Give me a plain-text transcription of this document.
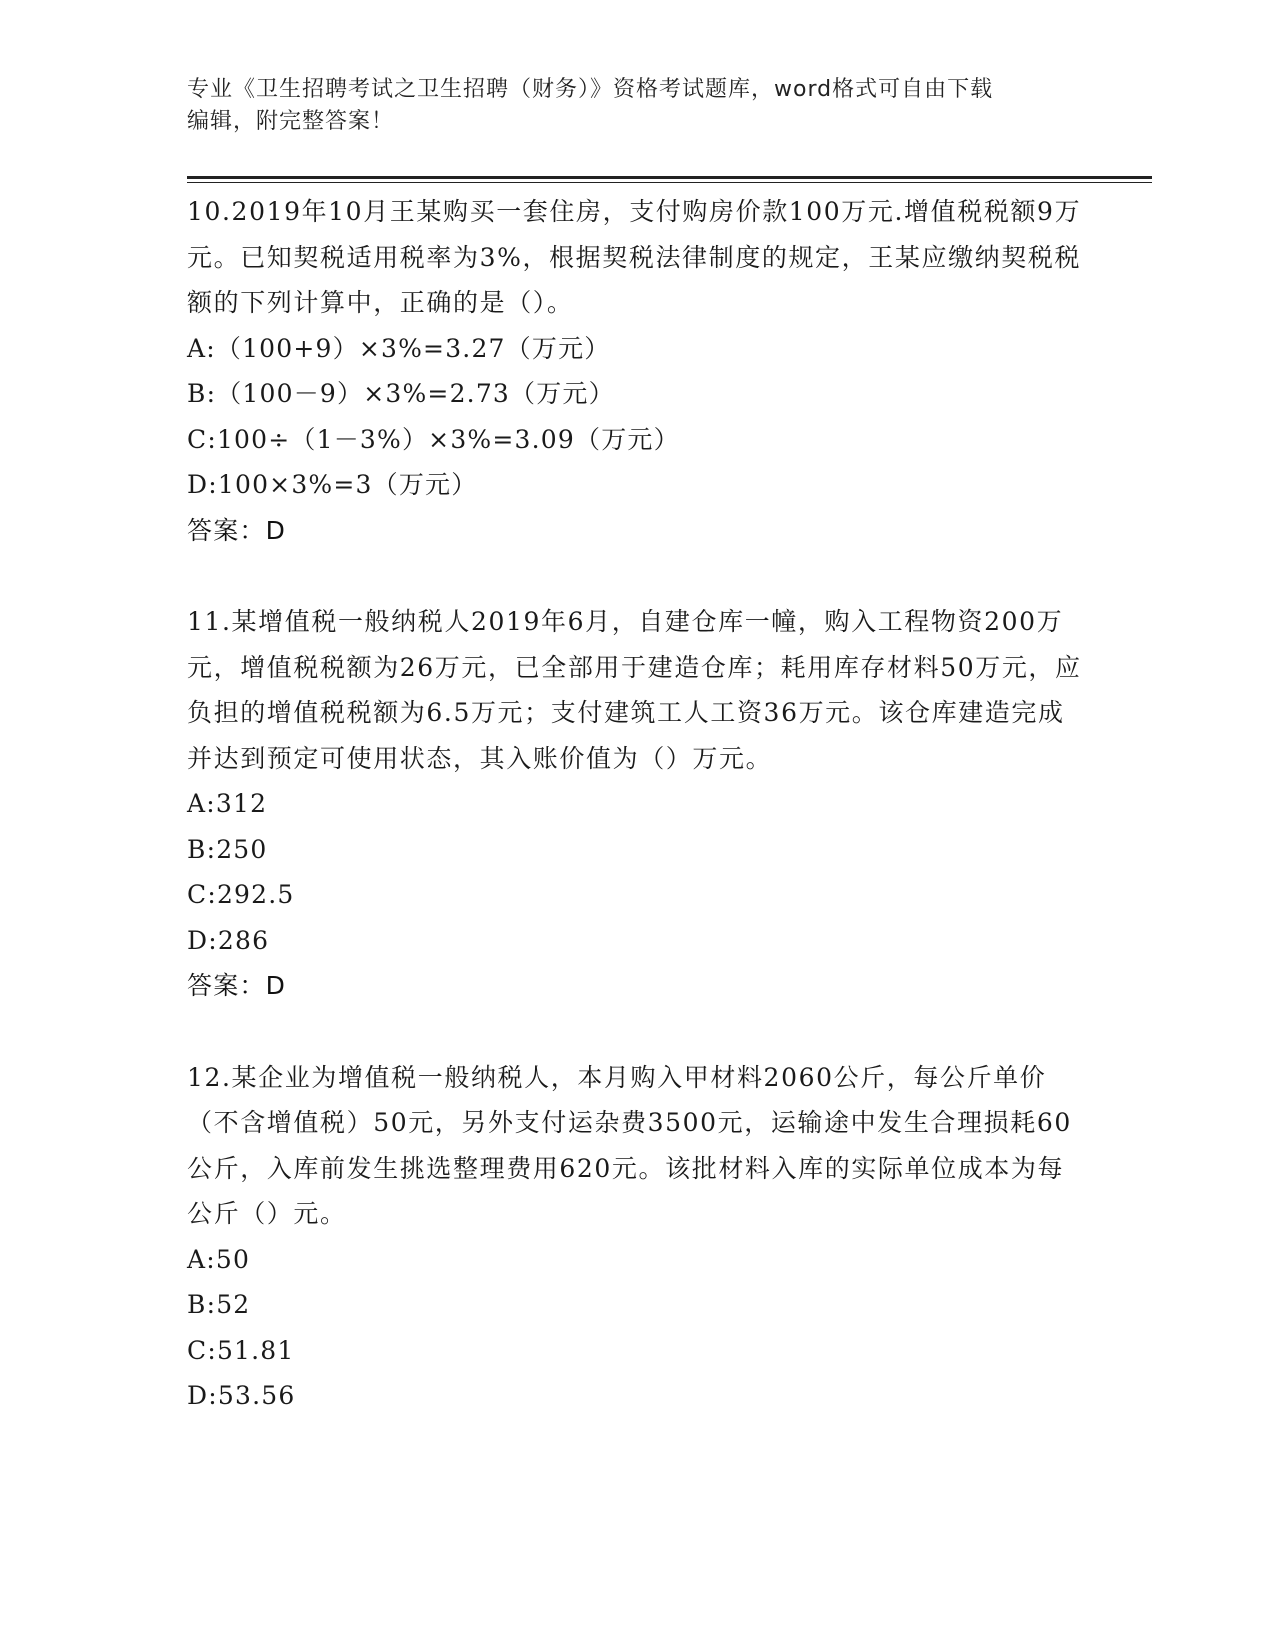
专业《卫生招聘考试之卫生招聘（财务）》资格考试题库，word格式可自由下载
编辑，附完整答案！
10.2019年10月王某购买一套住房，支付购房价款100万元.增值税税额9万元。已知契税适用税率为3%，根据契税法律制度的规定，王某应缴纳契税税额的下列计算中，正确的是（）。
A:（100+9）×3%=3.27（万元）
B:（100－9）×3%=2.73（万元）
C:100÷（1－3%）×3%=3.09（万元）
D:100×3%=3（万元）
答案：D
11.某增值税一般纳税人2019年6月，自建仓库一幢，购入工程物资200万元，增值税税额为26万元，已全部用于建造仓库；耗用库存材料50万元，应负担的增值税税额为6.5万元；支付建筑工人工资36万元。该仓库建造完成并达到预定可使用状态，其入账价值为（）万元。
A:312
B:250
C:292.5
D:286
答案：D
12.某企业为增值税一般纳税人，本月购入甲材料2060公斤，每公斤单价（不含增值税）50元，另外支付运杂费3500元，运输途中发生合理损耗60公斤，入库前发生挑选整理费用620元。该批材料入库的实际单位成本为每公斤（）元。
A:50
B:52
C:51.81
D:53.56
